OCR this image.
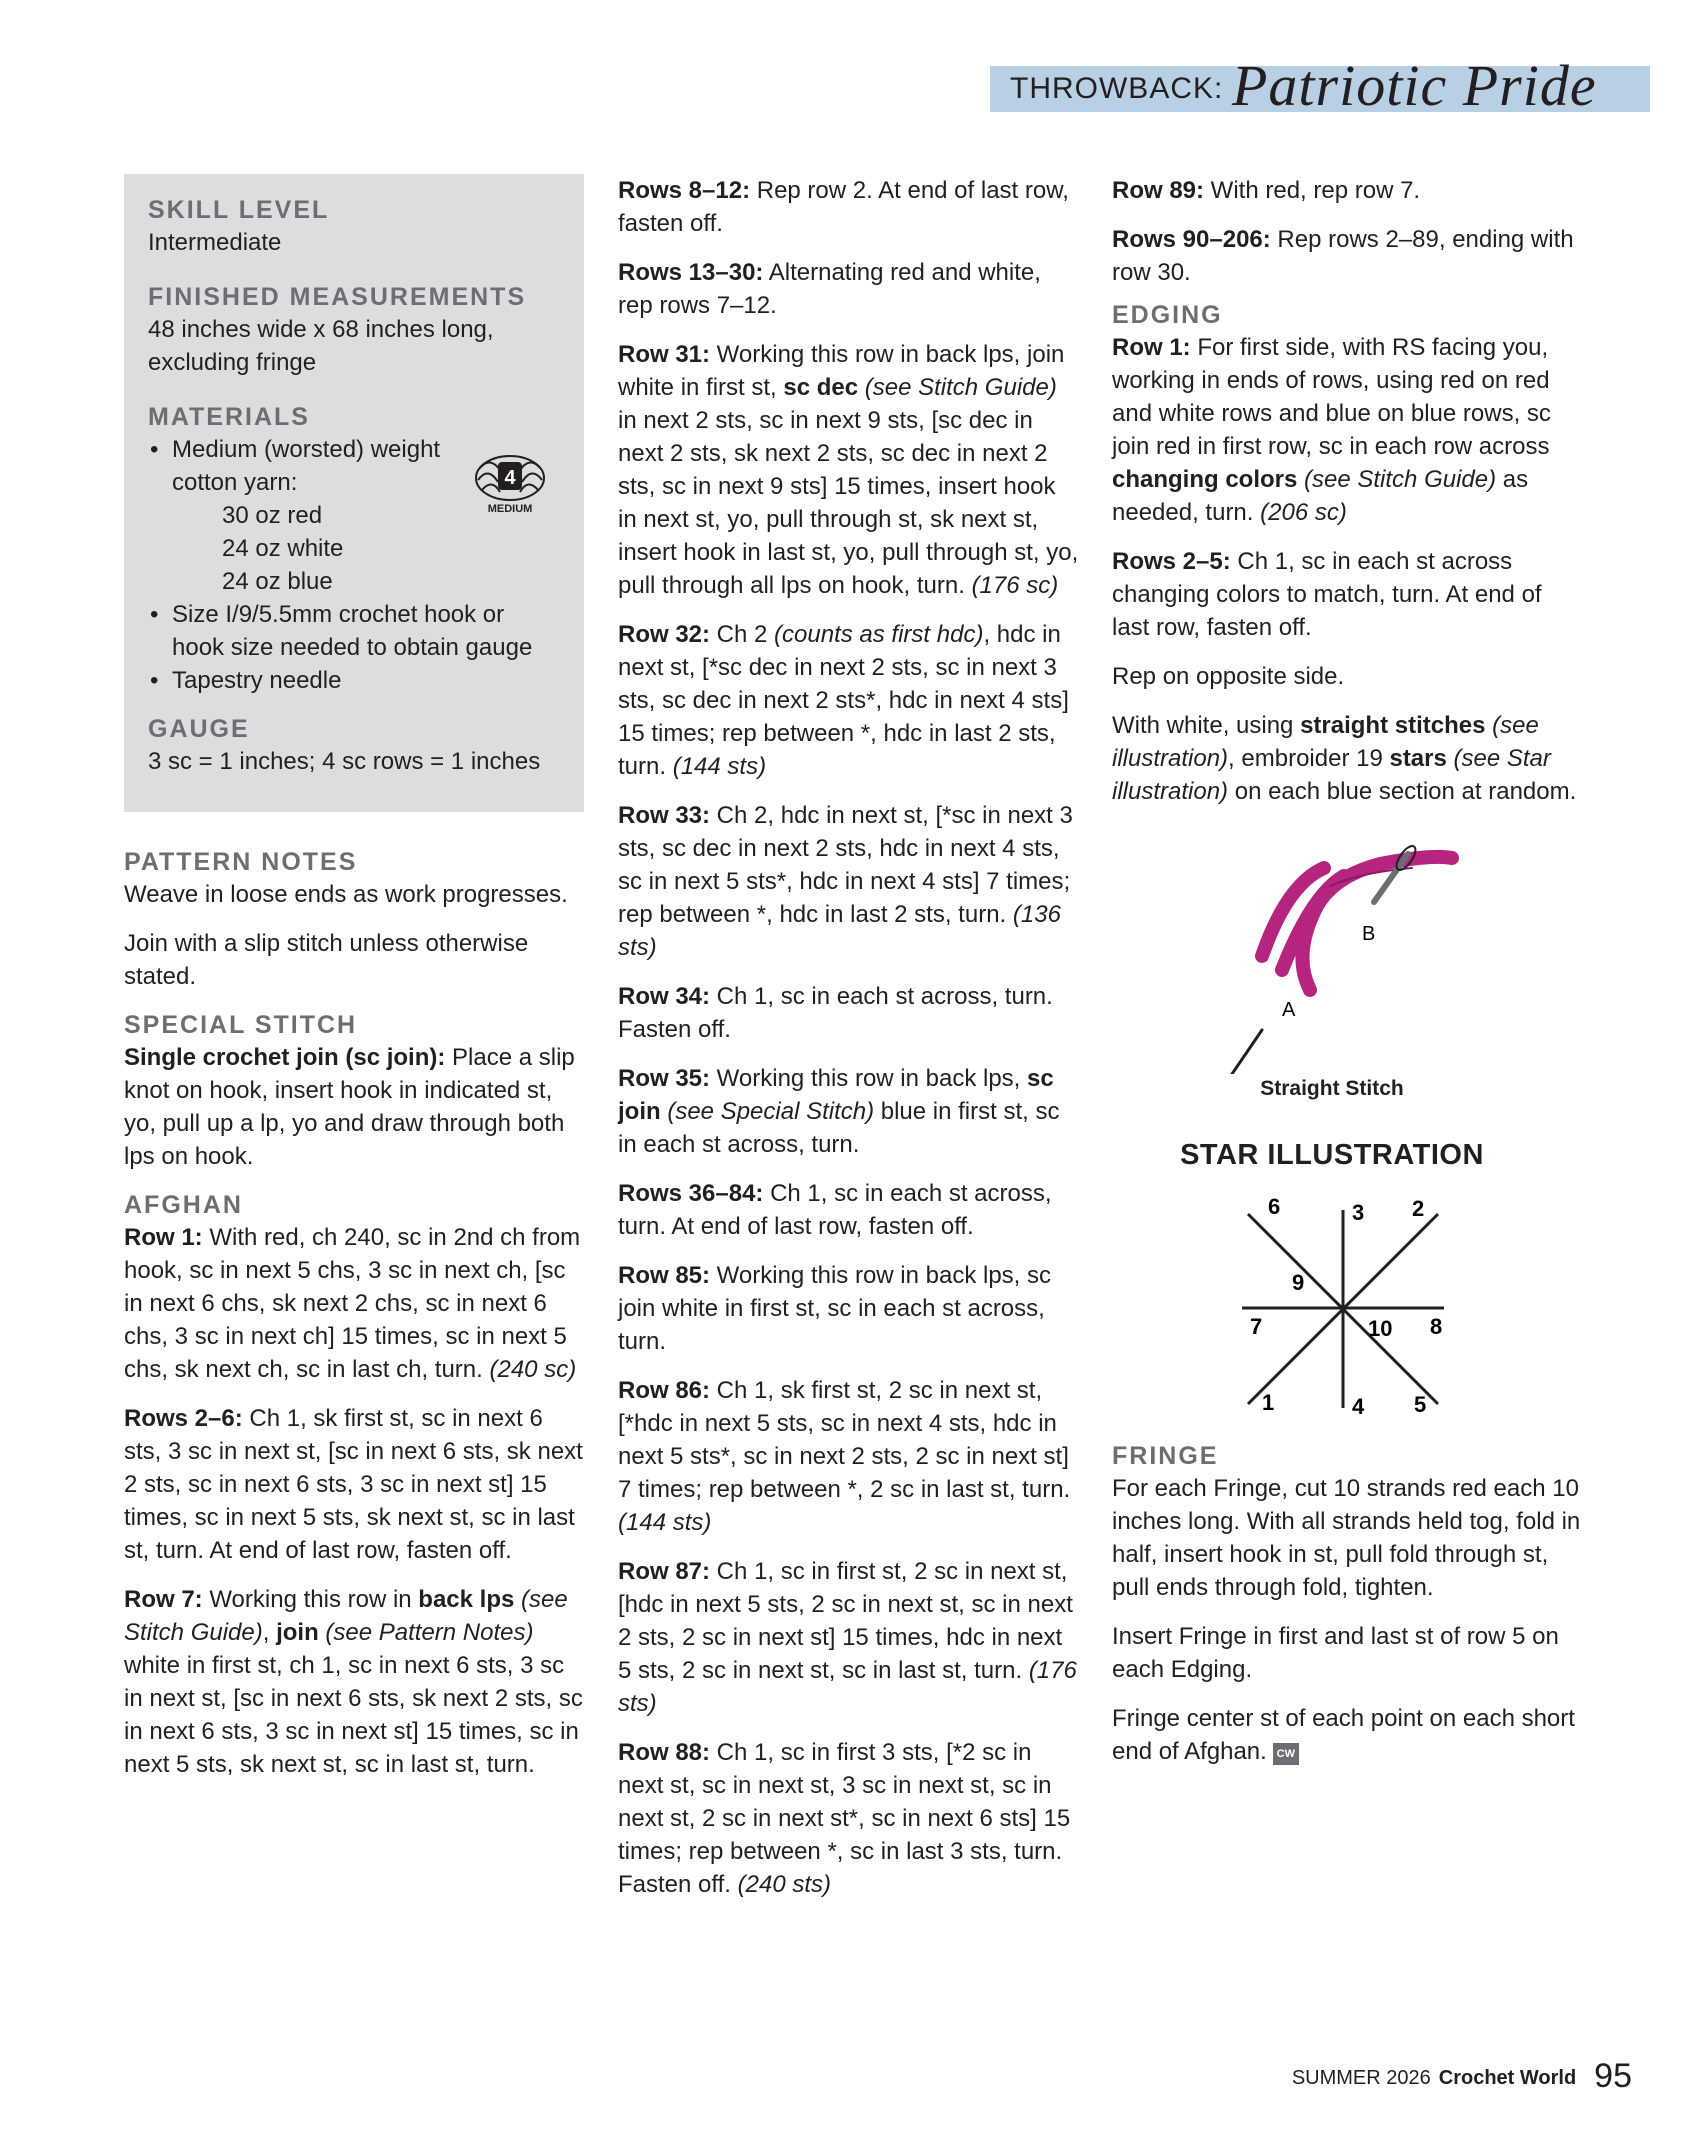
THROWBACK: Patriotic Pride
SKILL LEVEL
Intermediate
FINISHED MEASUREMENTS
48 inches wide x 68 inches long, excluding fringe
MATERIALS
• Medium (worsted) weight
cotton yarn:
30 oz red
24 oz white
24 oz blue
• Size I/9/5.5mm crochet hook or hook size needed to obtain gauge
• Tapestry needle
GAUGE
3 sc = 1 inches; 4 sc rows = 1 inches
4
MEDIUM
PATTERN NOTES

Weave in loose ends as work progresses.

Join with a slip stitch unless otherwise stated.

SPECIAL STITCH

Single crochet join (sc join): Place a slip knot on hook, insert hook in indicated st, yo, pull up a lp, yo and draw through both lps on hook.

AFGHAN

Row 1: With red, ch 240, sc in 2nd ch from hook, sc in next 5 chs, 3 sc in next ch, [sc in next 6 chs, sk next 2 chs, sc in next 6 chs, 3 sc in next ch] 15 times, sc in next 5 chs, sk next ch, sc in last ch, turn. (240 sc)

Rows 2–6: Ch 1, sk first st, sc in next 6 sts, 3 sc in next st, [sc in next 6 sts, sk next 2 sts, sc in next 6 sts, 3 sc in next st] 15 times, sc in next 5 sts, sk next st, sc in last st, turn. At end of last row, fasten off.

Row 7: Working this row in back lps (see Stitch Guide), join (see Pattern Notes) white in first st, ch 1, sc in next 6 sts, 3 sc in next st, [sc in next 6 sts, sk next 2 sts, sc in next 6 sts, 3 sc in next st] 15 times, sc in next 5 sts, sk next st, sc in last st, turn.

Rows 8–12: Rep row 2. At end of last row, fasten off.

Rows 13–30: Alternating red and white, rep rows 7–12.

Row 31: Working this row in back lps, join white in first st, sc dec (see Stitch Guide) in next 2 sts, sc in next 9 sts, [sc dec in next 2 sts, sk next 2 sts, sc dec in next 2 sts, sc in next 9 sts] 15 times, insert hook in next st, yo, pull through st, sk next st, insert hook in last st, yo, pull through st, yo, pull through all lps on hook, turn. (176 sc)

Row 32: Ch 2 (counts as first hdc), hdc in next st, [*sc dec in next 2 sts, sc in next 3 sts, sc dec in next 2 sts*, hdc in next 4 sts] 15 times; rep between *, hdc in last 2 sts, turn. (144 sts)

Row 33: Ch 2, hdc in next st, [*sc in next 3 sts, sc dec in next 2 sts, hdc in next 4 sts, sc in next 5 sts*, hdc in next 4 sts] 7 times; rep between *, hdc in last 2 sts, turn. (136 sts)

Row 34: Ch 1, sc in each st across, turn. Fasten off.

Row 35: Working this row in back lps, sc join (see Special Stitch) blue in first st, sc in each st across, turn.

Rows 36–84: Ch 1, sc in each st across, turn. At end of last row, fasten off.

Row 85: Working this row in back lps, sc join white in first st, sc in each st across, turn.

Row 86: Ch 1, sk first st, 2 sc in next st, [*hdc in next 5 sts, sc in next 4 sts, hdc in next 5 sts*, sc in next 2 sts, 2 sc in next st] 7 times; rep between *, 2 sc in last st, turn. (144 sts)

Row 87: Ch 1, sc in first st, 2 sc in next st, [hdc in next 5 sts, 2 sc in next st, sc in next 2 sts, 2 sc in next st] 15 times, hdc in next 5 sts, 2 sc in next st, sc in last st, turn. (176 sts)

Row 88: Ch 1, sc in first 3 sts, [*2 sc in next st, sc in next st, 3 sc in next st, sc in next st, 2 sc in next st*, sc in next 6 sts] 15 times; rep between *, sc in last 3 sts, turn. Fasten off. (240 sts)

Row 89: With red, rep row 7.

Rows 90–206: Rep rows 2–89, ending with row 30.

EDGING

Row 1: For first side, with RS facing you, working in ends of rows, using red on red and white rows and blue on blue rows, sc join red in first row, sc in each row across changing colors (see Stitch Guide) as needed, turn. (206 sc)

Rows 2–5: Ch 1, sc in each st across changing colors to match, turn. At end of last row, fasten off.

Rep on opposite side.

With white, using straight stitches (see illustration), embroider 19 stars (see Star illustration) on each blue section at random.

A
B
Straight Stitch
STAR ILLUSTRATION
1
2
3
4 5
6
7	8
9
10
FRINGE

For each Fringe, cut 10 strands red each 10 inches long. With all strands held tog, fold in half, insert hook in st, pull fold through st, pull ends through fold, tighten.

Insert Fringe in first and last st of row 5 on each Edging.

Fringe center st of each point on each short end of Afghan. CW

SUMMER 2026 Crochet World 95
